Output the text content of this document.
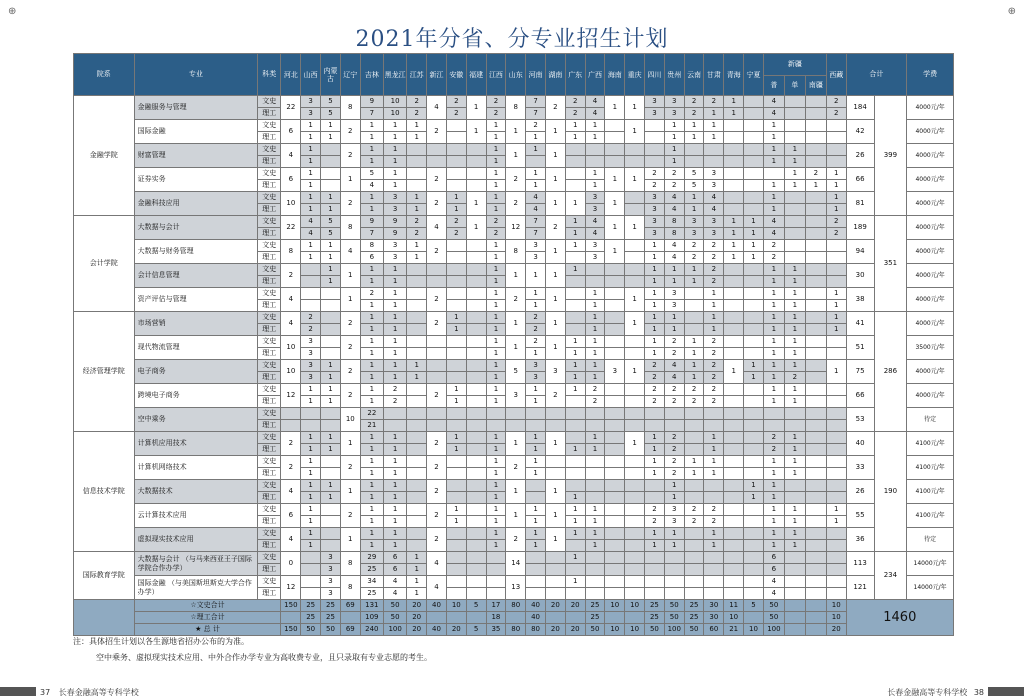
⊕	⊕
2021年分省、分专业招生计划
院系	专业	科类	河北	山西	内蒙古	辽宁	吉林	黑龙江	江苏	新江	安徽	福建	江西	山东	河南	湖南	广东	广西	海南	重庆	四川	贵州	云南	甘肃	青海	宁夏	新疆			西藏	合计		学费
																											普	单	南疆				
金融学院	金融服务与管理	文史	22	3	5	8	9	10	2	4	2	1	2	8	7	2	2	4	1	1	3	3	2	2	1		4			2	184	399	4000元/年
		理工		3	5		7	10	2		2		2		7		2	4			3	3	2	1	1		4			2			
	国际金融	文史	6	1	1	2	1	1	1	2		1	1	1	2	1	1	1		1		1	1	1			1				42		4000元/年
		理工		1	1		1	1	1				1		1		1	1				1	1	1			1						
	财富管理	文史	4	1		2	1	1					1	1	1	1						1					1	1			26		4000元/年
		理工		1			1	1					1									1					1	1					
	证券实务	文史	6	1		1	5	1		2			1	2	1	1		1	1	1	2	2	5	3				1	2	1	66		4000元/年
		理工		1			4	1					1		1			1			2	2	5	3			1	1	1	1			
	金融科技应用	文史	10	1	1	2	1	3	1	2	1	1	1	2	4	1	1	3	1		3	4	1	4			1			1	81		4000元/年
		理工		1	1		1	3	1		1		1		4			3			3	4	1	4			1			1			
会计学院	大数据与会计	文史	22	4	5	8	9	9	2	4	2	1	2	12	7	2	1	4	1	1	3	8	3	3	1	1	4			2	189	351	4000元/年
		理工		4	5		7	9	2		2		2		7		1	4			3	8	3	3	1	1	4			2			
	大数据与财务管理	文史	8	1	1	4	8	3	1	2			1	8	3	1	1	3	1		1	4	2	2	1	1	2				94		4000元/年
		理工		1	1		6	3	1				1		3			3			1	4	2	2	1	1	2						
	会计信息管理	文史	2		1	1	1	1					1	1	1	1	1				1	1	1	2			1	1			30		4000元/年
		理工			1		1	1					1								1	1	1	2			1	1					
	资产评估与管理	文史	4			1	2	1		2			1	2	1	1		1		1	1	3		1			1	1		1	38		4000元/年
		理工					1	1					1		1			1			1	3		1			1	1		1			
经济管理学院	市场营销	文史	4	2		2	1	1		2	1		1	1	2	1		1		1	1	1		1			1	1		1	41	286	4000元/年
		理工		2			1	1			1		1		2			1			1	1		1			1	1		1			
	现代物流管理	文史	10	3		2	1	1					1	1	2	1	1	1			1	2	1	2			1	1			51		3500元/年
		理工		3			1	1					1		1		1	1			1	2	1	2			1	1					
	电子商务	文史	10	3	1	2	1	1	1				1	5	3	3	1	1	3	1	2	4	1	2	1	1	1	1		1	75		4000元/年
		理工		3	1		1	1	1				1		3		1	1			2	4	1	2		1	1	2					
	跨境电子商务	文史	12	1	1	2	1	2		2	1		1	3	1	2	1	2			2	2	2	2			1	1			66		4000元/年
		理工		1	1		1	2			1		1		1			2			2	2	2	2			1	1					
	空中乘务	文史				10	22																								53		待定
		理工					21																										
信息技术学院	计算机应用技术	文史	2	1	1	1	1	1		2	1		1	1	1	1		1		1	1	2		1			2	1			40	190	4100元/年
		理工		1	1		1	1			1		1		1		1	1			1	2		1			2	1					
	计算机网络技术	文史	2	1		2	1	1		2			1	2	1						1	2	1	1			1	1			33		4100元/年
		理工		1			1	1					1		1						1	2	1	1			1	1					
	大数据技术	文史	4	1	1	1	1	1		2			1	1		1						1				1	1				26		4100元/年
		理工		1	1		1	1					1				1					1				1	1						
	云计算技术应用	文史	6	1		2	1	1		2	1		1	1	1	1	1	1			2	3	2	2			1	1		1	55		4100元/年
		理工		1			1	1			1		1		1		1	1			2	3	2	2			1	1		1			
	虚拟现实技术应用	文史	4	1		1	1	1		2			1	2	1	1	1	1			1	1		1			1	1			36		待定
		理工		1			1	1					1		1			1			1	1		1			1	1					
国际教育学院	大数据与会计 （与马来西亚王子国际学院合作办学）	文史	0		3	8	29	6	1	4				14			1										6				113	234	14000元/年
		理工			3		25	6	1																		6						
	国际金融 （与美国斯坦斯克大学合作办学）	文史	12		3	8	34	4	1	4				13			1										4				121		14000元/年
		理工			3		25	4	1																		4						
	☆文史合计		150	25	25	69	131	50	20	40	10	5	17	80	40	20	20	25	10	10	25	50	25	30	11	5	50			10	1460		
	☆理工合计			25	25		109	50	20				18		40			25			25	50	25	30	10		50			10			
	★ 总 计		150	50	50	69	240	100	20	40	20	5	35	80	80	20	20	50	10	10	50	100	50	60	21	10	100			20			
注：具体招生计划以各生源地省招办公布的为准。
空中乘务、虚拟现实技术应用、中外合作办学专业为高收费专业，且只录取有专业志愿的考生。
37 长春金融高等专科学校	长春金融高等专科学校 38
